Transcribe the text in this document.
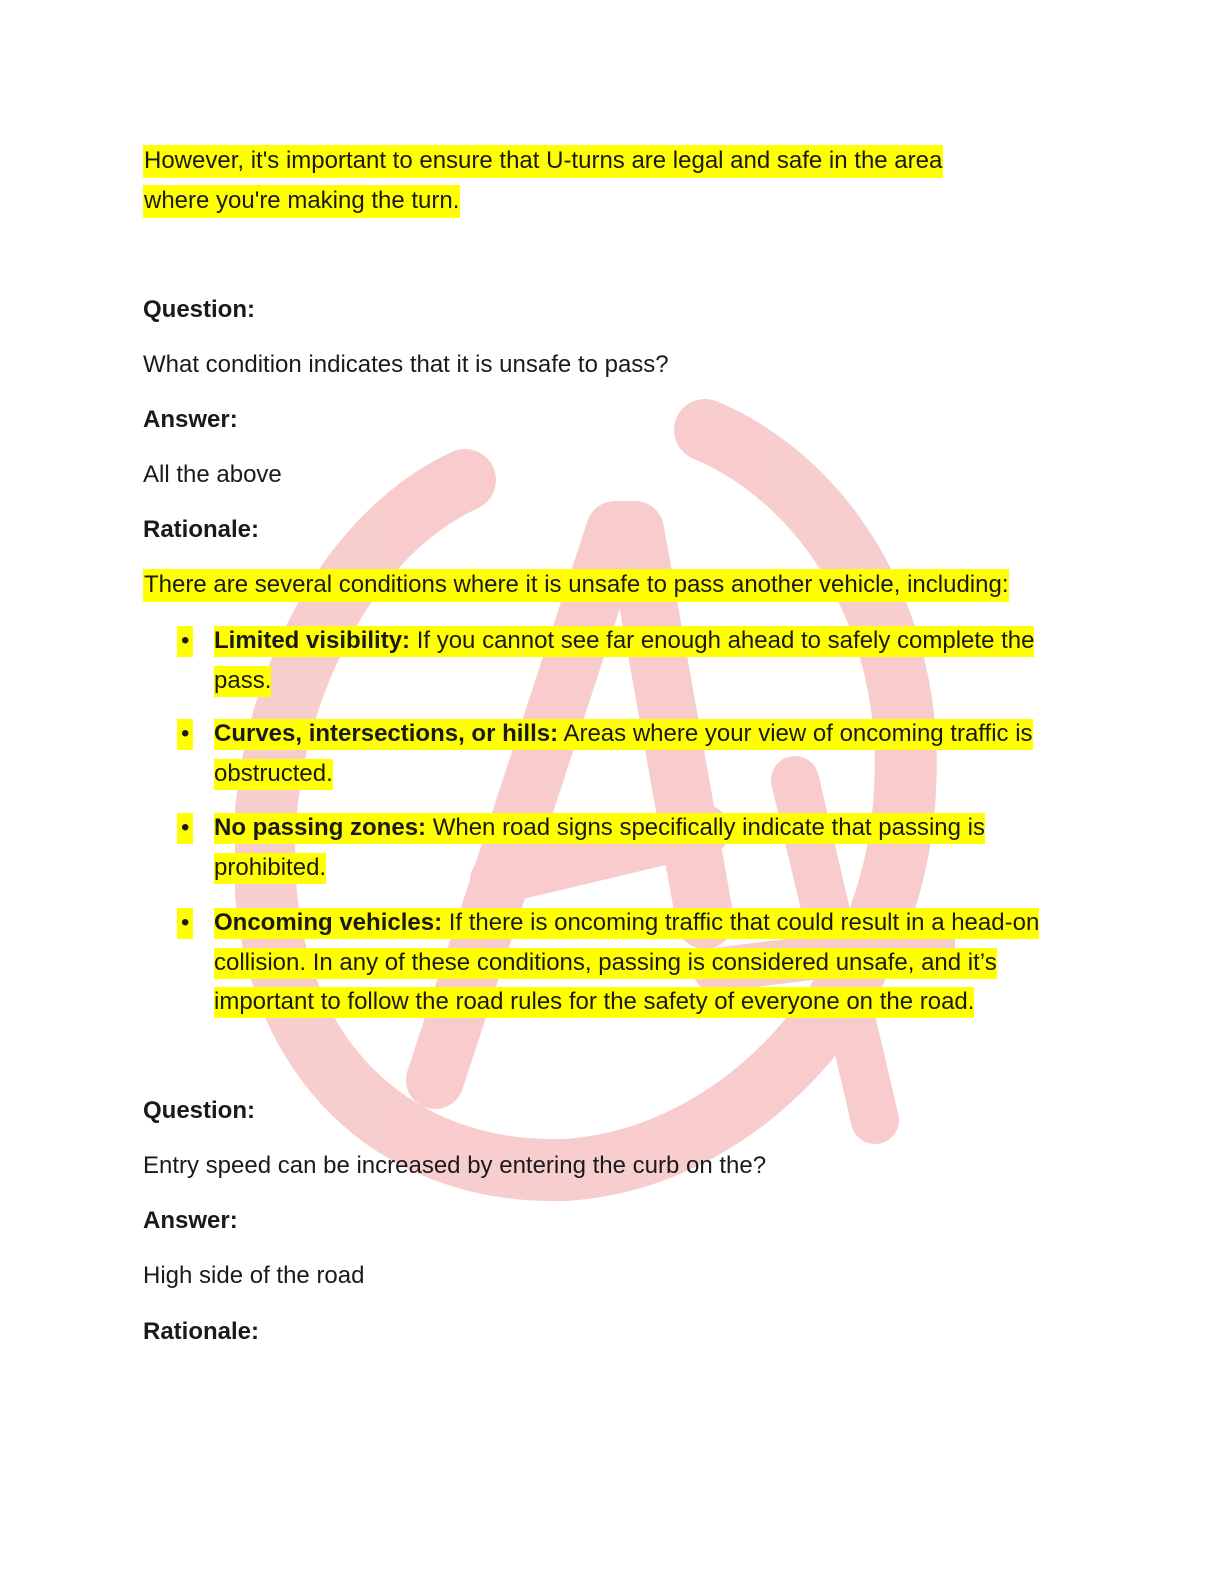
However, it's important to ensure that U-turns are legal and safe in the area
where you're making the turn.
Question:
What condition indicates that it is unsafe to pass?
Answer:
All the above
Rationale:
There are several conditions where it is unsafe to pass another vehicle, including:
• Limited visibility: If you cannot see far enough ahead to safely complete the pass.
• Curves, intersections, or hills: Areas where your view of oncoming traffic is obstructed.
• No passing zones: When road signs specifically indicate that passing is prohibited.
• Oncoming vehicles: If there is oncoming traffic that could result in a head-on collision. In any of these conditions, passing is considered unsafe, and it’s important to follow the road rules for the safety of everyone on the road.
Question:
Entry speed can be increased by entering the curb on the?
Answer:
High side of the road
Rationale:
